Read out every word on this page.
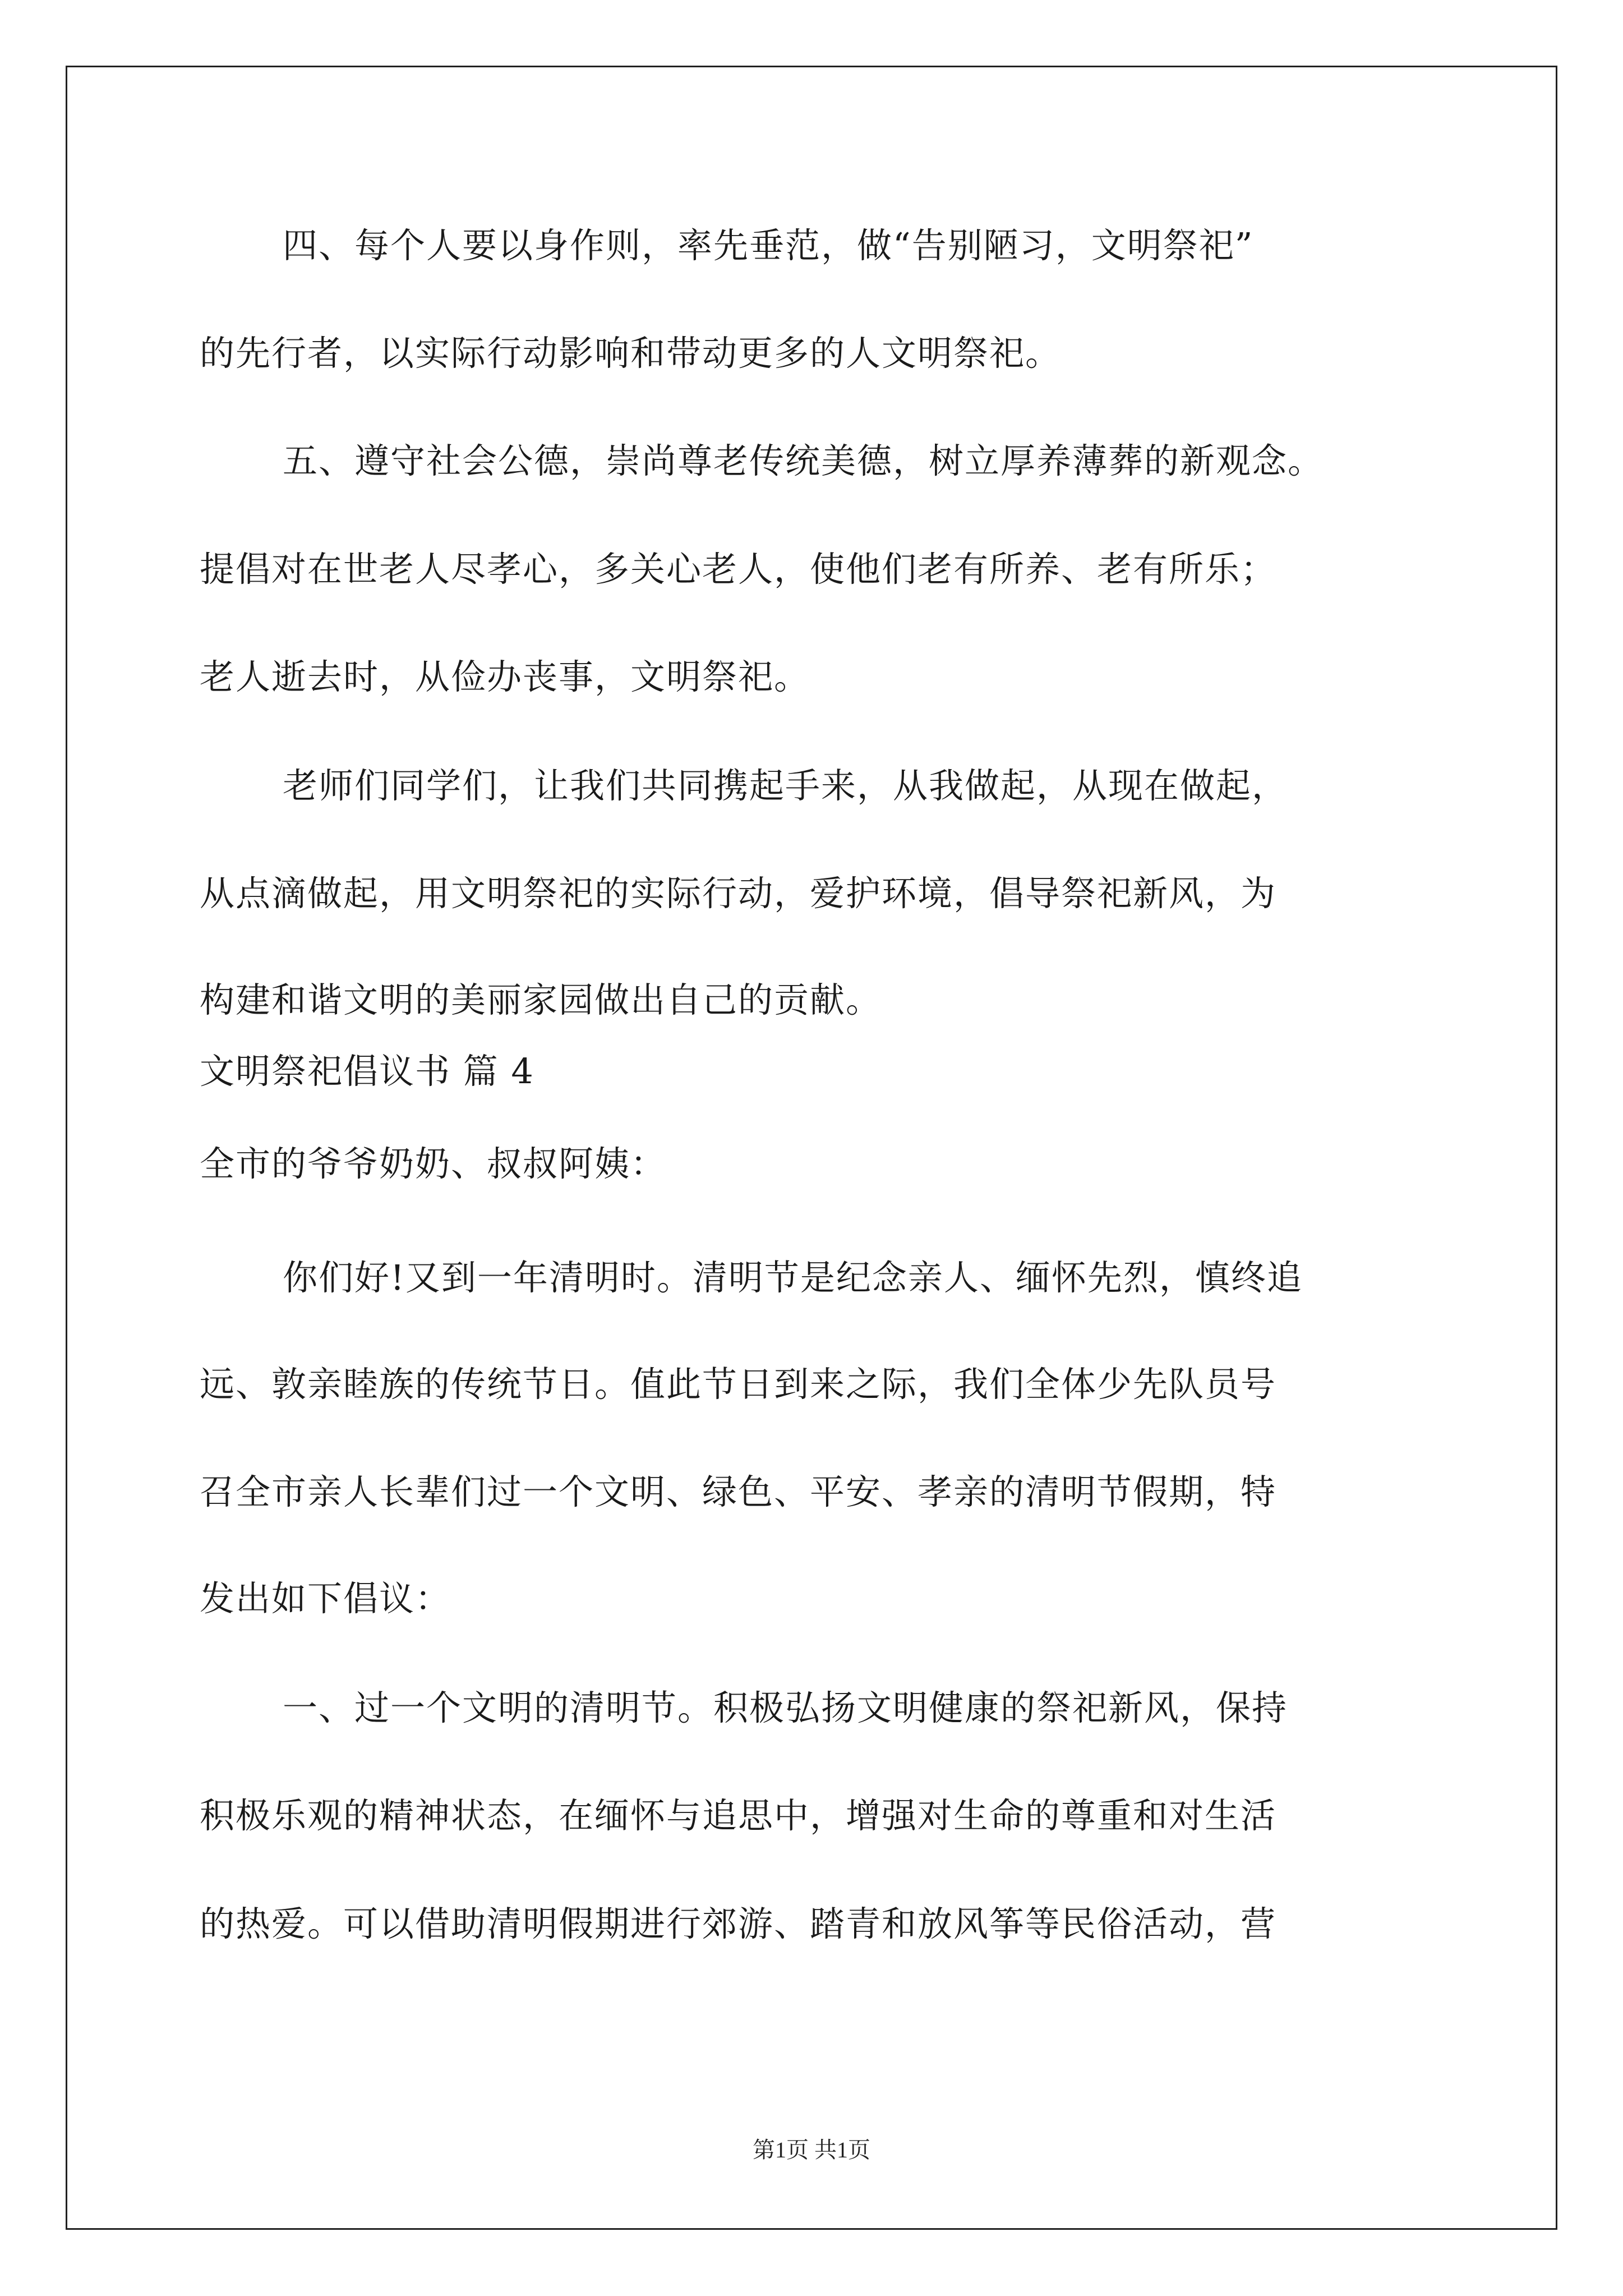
四、每个人要以身作则，率先垂范，做“告别陋习，文明祭祀”
的先行者，以实际行动影响和带动更多的人文明祭祀。
五、遵守社会公德，崇尚尊老传统美德，树立厚养薄葬的新观念。
提倡对在世老人尽孝心，多关心老人，使他们老有所养、老有所乐；
老人逝去时，从俭办丧事，文明祭祀。
老师们同学们，让我们共同携起手来，从我做起，从现在做起，
从点滴做起，用文明祭祀的实际行动，爱护环境，倡导祭祀新风，为
构建和谐文明的美丽家园做出自己的贡献。
文明祭祀倡议书 篇 4
全市的爷爷奶奶、叔叔阿姨：
你们好!又到一年清明时。清明节是纪念亲人、缅怀先烈，慎终追
远、敦亲睦族的传统节日。值此节日到来之际，我们全体少先队员号
召全市亲人长辈们过一个文明、绿色、平安、孝亲的清明节假期，特
发出如下倡议：
一、过一个文明的清明节。积极弘扬文明健康的祭祀新风，保持
积极乐观的精神状态，在缅怀与追思中，增强对生命的尊重和对生活
的热爱。可以借助清明假期进行郊游、踏青和放风筝等民俗活动，营
第1页 共1页
